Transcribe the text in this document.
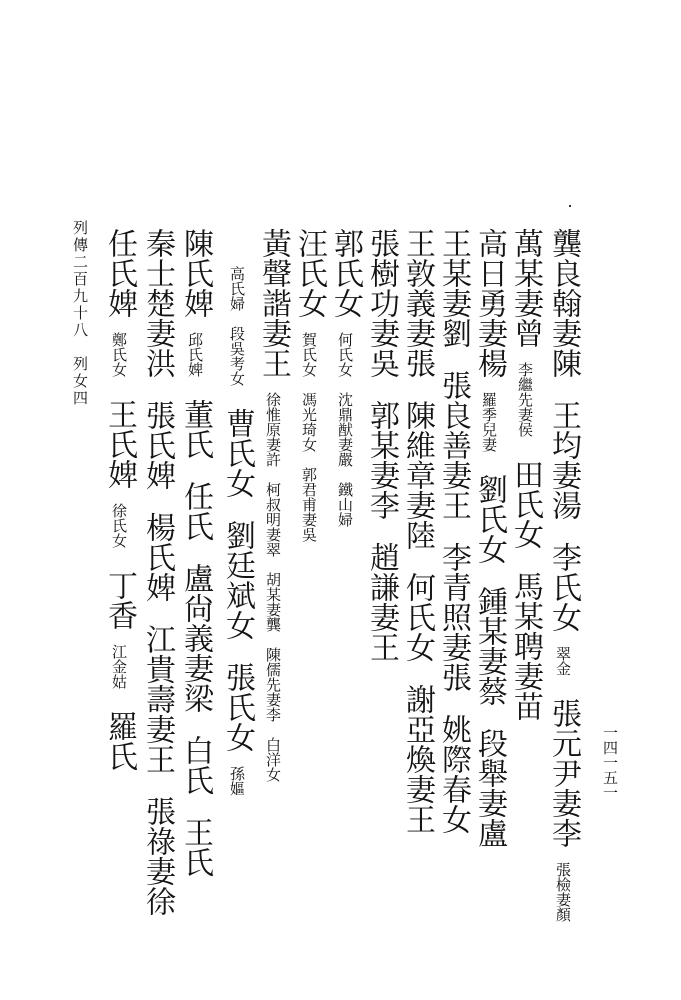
列傳二百九十八　列女四
一四一五一
龔良翰妻陳王均妻湯李氏女翠金張元尹妻李張檢妻顏
萬某妻曾李繼先妻侯田氏女馬某聘妻苗
高日勇妻楊羅季兒妻劉氏女鍾某妻蔡段舉妻盧
王某妻劉張良善妻王李青照妻張姚際春女
王敦義妻張陳維章妻陸何氏女謝亞煥妻王
張樹功妻吳郭某妻李趙謙妻王
郭氏女何氏女　沈鼎猷妻嚴　鐵山婦
汪氏女賀氏女　馮光琦女　郭君甫妻吳
黃聲諧妻王徐惟原妻許　柯叔明妻翠　胡某妻龔　陳儒先妻李　白洋女
高氏婦　段吳考女曹氏女劉廷斌女張氏女孫嫗
陳氏婢邱氏婢董氏任氏盧尙義妻梁白氏王氏
秦士楚妻洪張氏婢楊氏婢江貴壽妻王張祿妻徐
任氏婢鄭氏女王氏婢徐氏女丁香江金姑羅氏
